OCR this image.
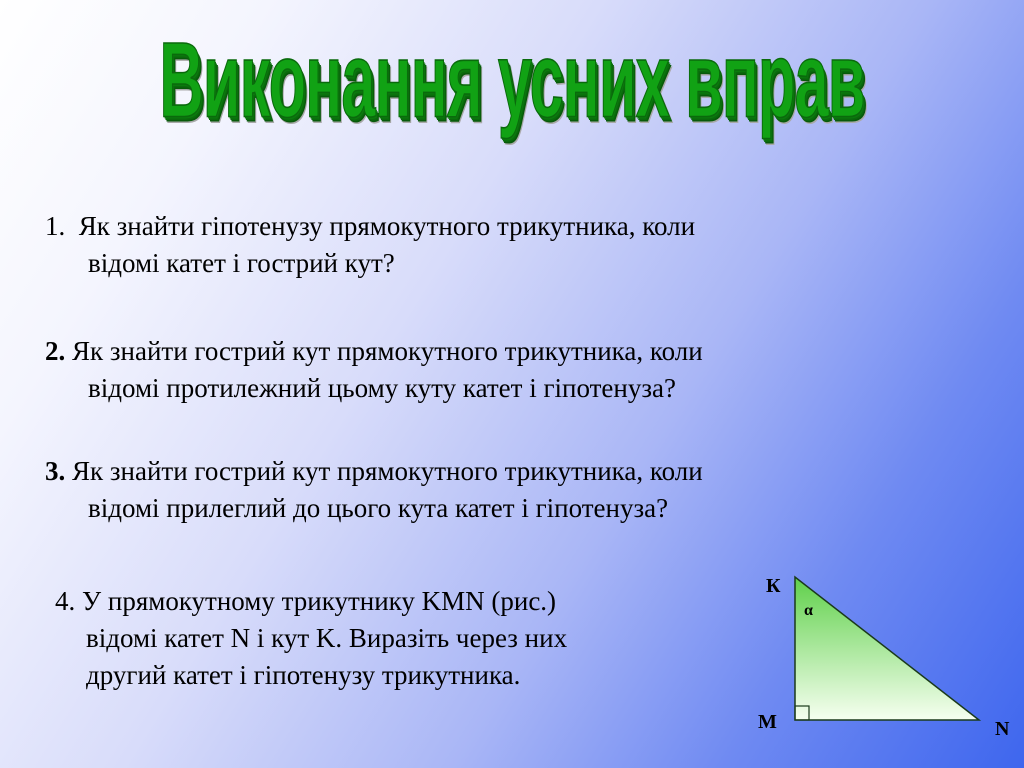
Виконання усних вправ
1. Як знайти гіпотенузу прямокутного трикутника, коли
відомі катет і гострий кут?
2. Як знайти гострий кут прямокутного трикутника, коли
відомі протилежний цьому куту катет і гіпотенуза?
3. Як знайти гострий кут прямокутного трикутника, коли
відомі прилеглий до цього кута катет і гіпотенуза?
4. У прямокутному трикутнику KMN (рис.)
відомі катет N і кут K. Виразіть через них
другий катет і гіпотенузу трикутника.
К
α
М	N
